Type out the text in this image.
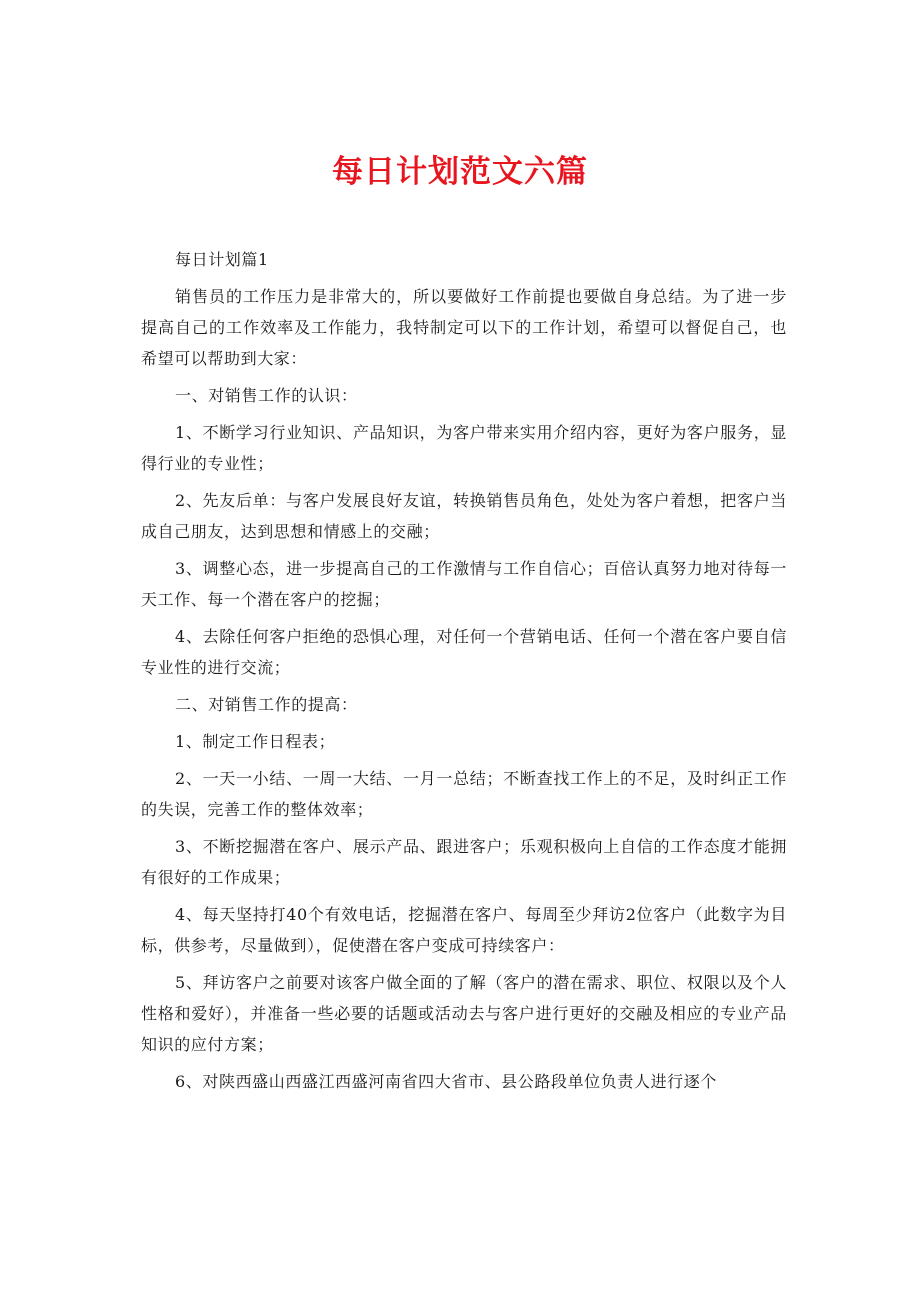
每日计划范文六篇

每日计划篇1

销售员的工作压力是非常大的，所以要做好工作前提也要做自身总结。为了进一步提高自己的工作效率及工作能力，我特制定可以下的工作计划，希望可以督促自己，也希望可以帮助到大家：

一、对销售工作的认识：

1、不断学习行业知识、产品知识，为客户带来实用介绍内容，更好为客户服务，显得行业的专业性；

2、先友后单：与客户发展良好友谊，转换销售员角色，处处为客户着想，把客户当成自己朋友，达到思想和情感上的交融；

3、调整心态，进一步提高自己的工作激情与工作自信心；百倍认真努力地对待每一天工作、每一个潜在客户的挖掘；

4、去除任何客户拒绝的恐惧心理，对任何一个营销电话、任何一个潜在客户要自信专业性的进行交流；

二、对销售工作的提高：

1、制定工作日程表；

2、一天一小结、一周一大结、一月一总结；不断查找工作上的不足，及时纠正工作的失误，完善工作的整体效率；

3、不断挖掘潜在客户、展示产品、跟进客户；乐观积极向上自信的工作态度才能拥有很好的工作成果；

4、每天坚持打40个有效电话，挖掘潜在客户、每周至少拜访2位客户（此数字为目标，供参考，尽量做到），促使潜在客户变成可持续客户：

5、拜访客户之前要对该客户做全面的了解（客户的潜在需求、职位、权限以及个人性格和爱好），并准备一些必要的话题或活动去与客户进行更好的交融及相应的专业产品知识的应付方案；

6、对陕西盛山西盛江西盛河南省四大省市、县公路段单位负责人进行逐个
